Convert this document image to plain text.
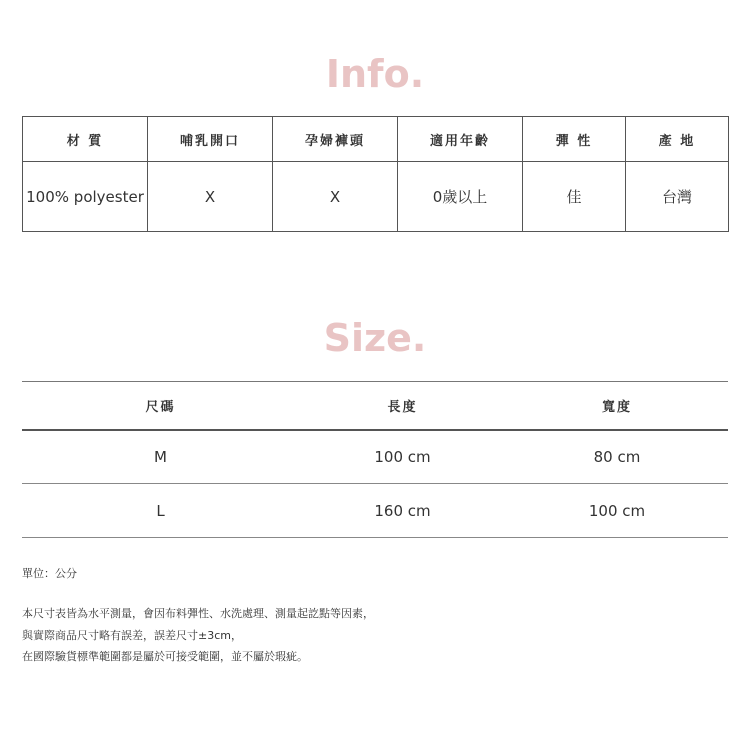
Info.
材 質	哺乳開口	孕婦褲頭	適用年齡	彈 性	產 地
100% polyester	X	X	0歲以上	佳	台灣
Size.
尺碼	長度	寬度
M	100 cm	80 cm
L	160 cm	100 cm
單位：公分
本尺寸表皆為水平測量，會因布料彈性、水洗處理、測量起訖點等因素，
與實際商品尺寸略有誤差，誤差尺寸±3cm，
在國際驗貨標準範圍都是屬於可接受範圍，並不屬於瑕疵。
